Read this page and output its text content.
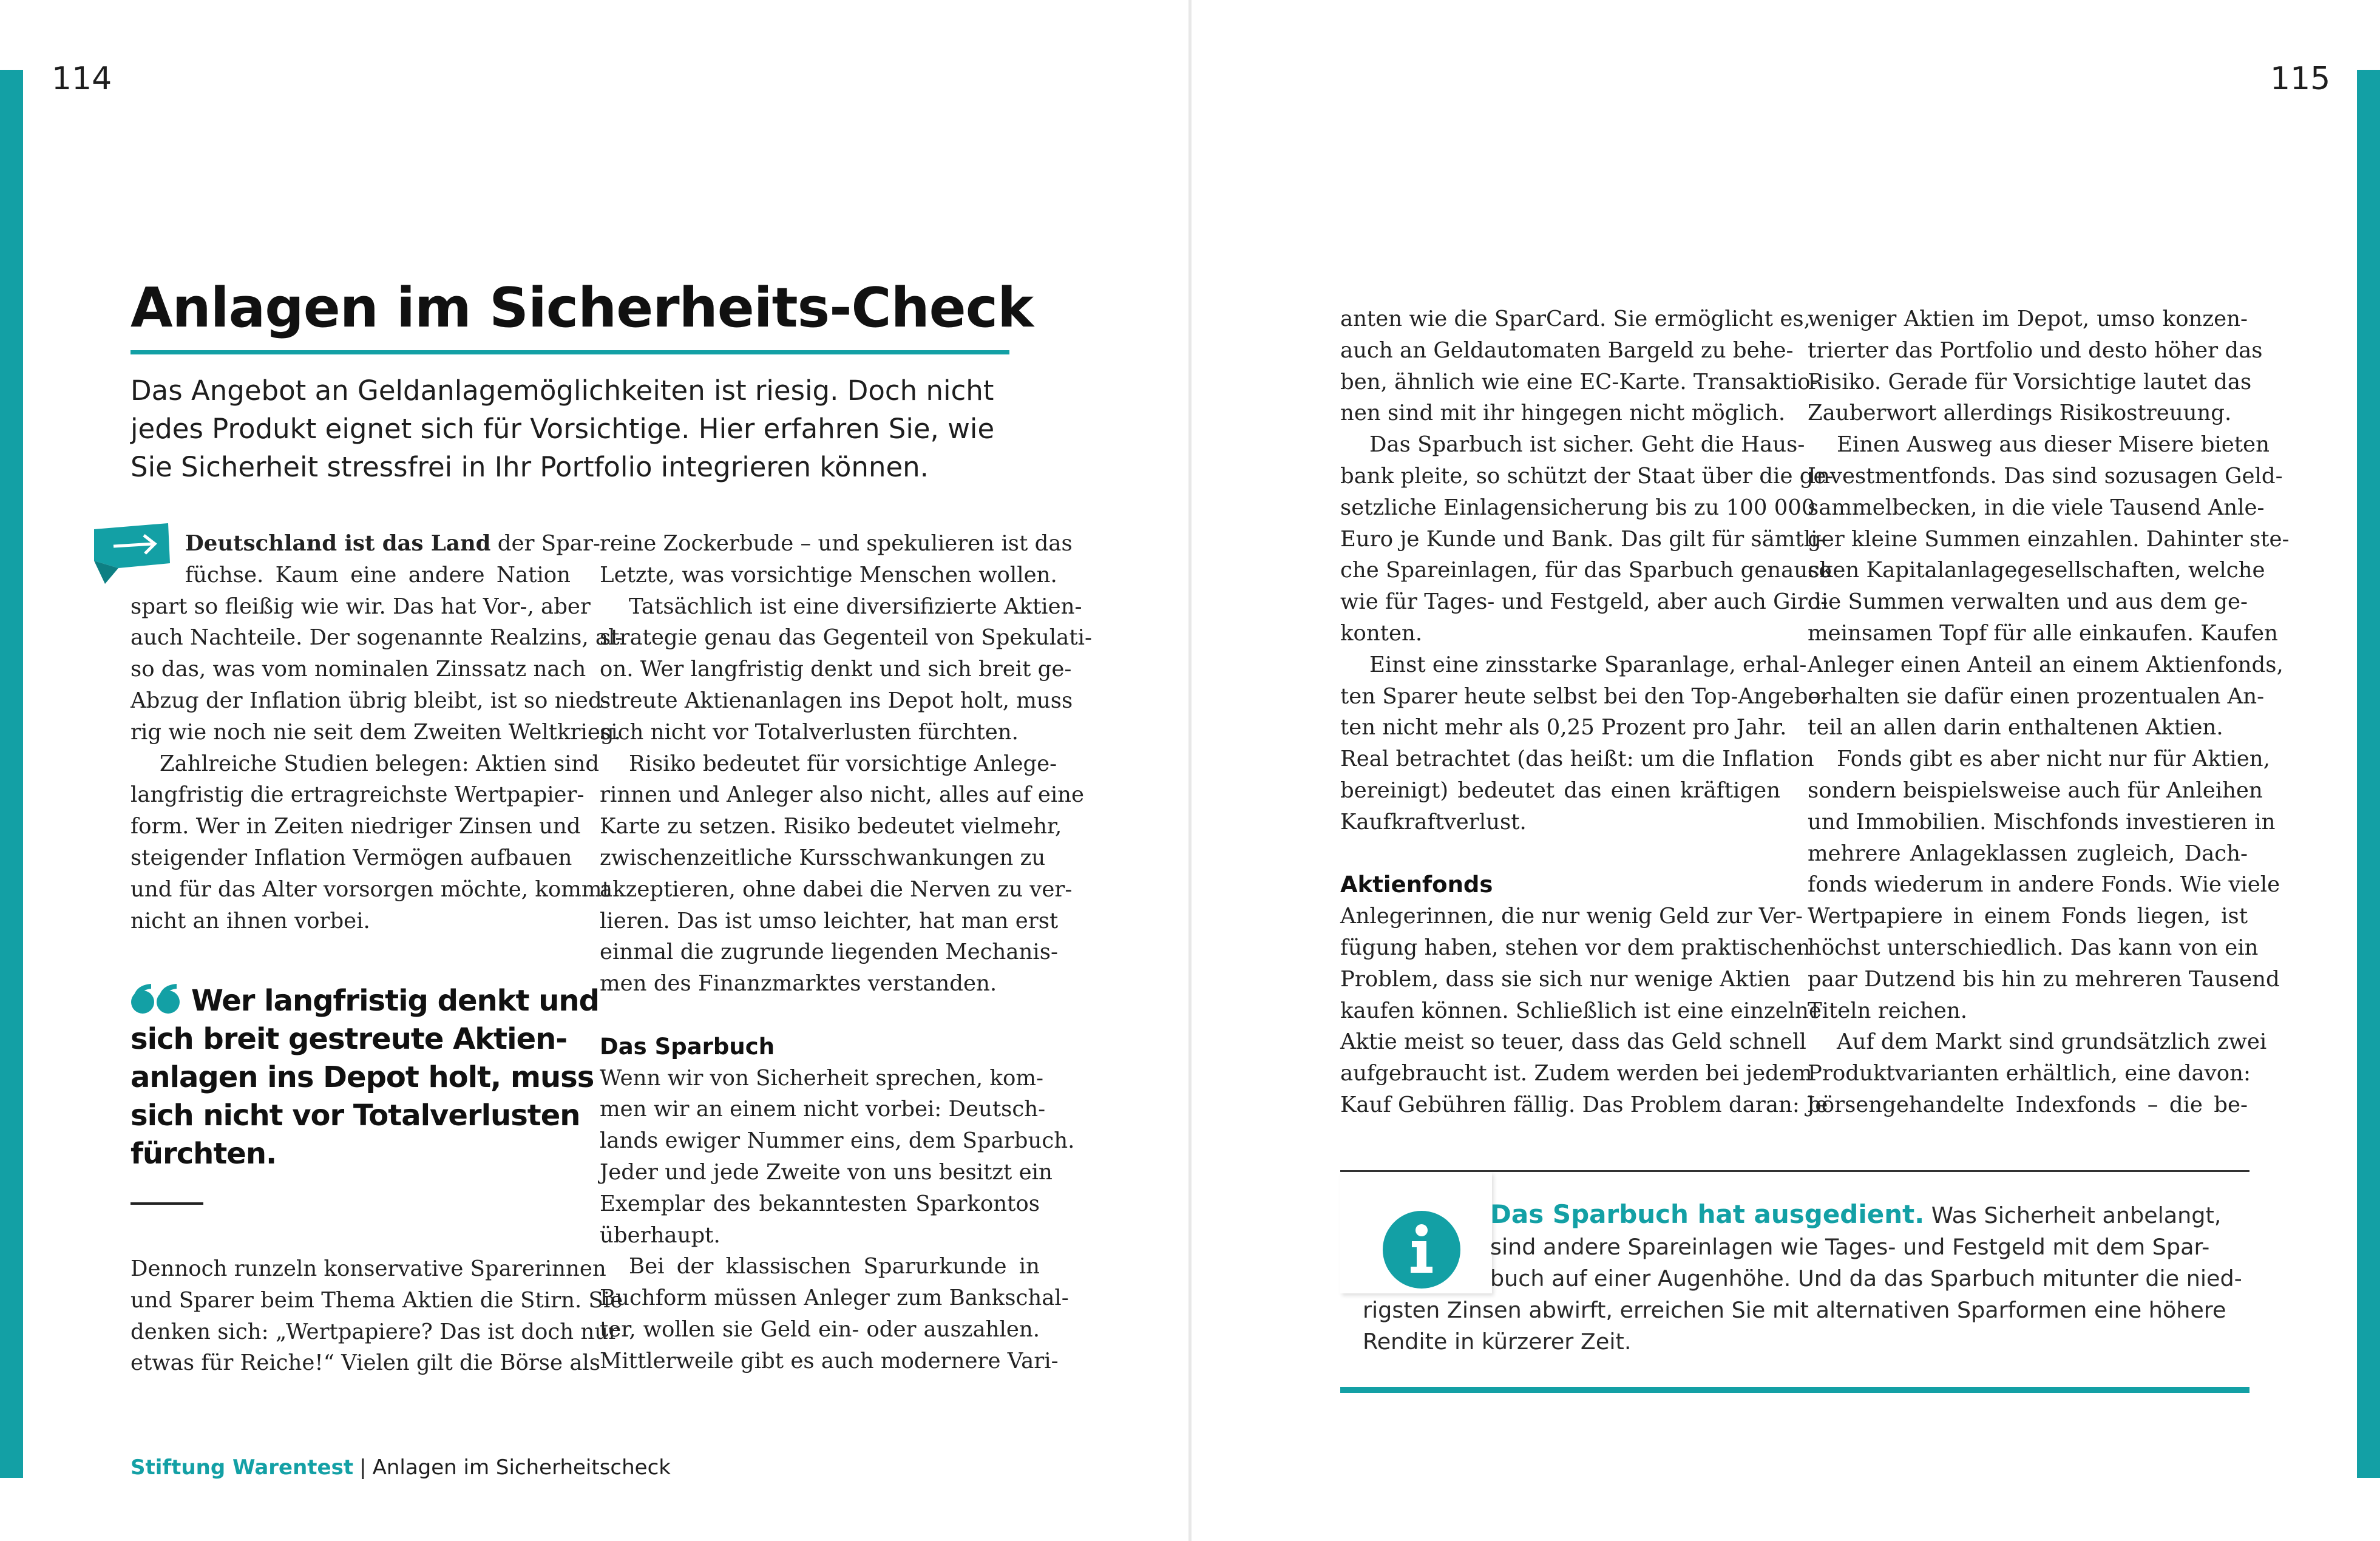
114	115
Anlagen im Sicherheits-Check
Das Angebot an Geldanlagemöglichkeiten ist riesig. Doch nicht
jedes Produkt eignet sich für Vorsichtige. Hier erfahren Sie, wie
Sie Sicherheit stressfrei in Ihr Portfolio integrieren können.
Deutschland ist das Land der Spar-
füchse. Kaum eine andere Nation
spart so fleißig wie wir. Das hat Vor-, aber
auch Nachteile. Der sogenannte Realzins, al-
so das, was vom nominalen Zinssatz nach
Abzug der Inflation übrig bleibt, ist so nied-
rig wie noch nie seit dem Zweiten Weltkrieg.
Zahlreiche Studien belegen: Aktien sind
langfristig die ertragreichste Wertpapier-
form. Wer in Zeiten niedriger Zinsen und
steigender Inflation Vermögen aufbauen
und für das Alter vorsorgen möchte, kommt
nicht an ihnen vorbei.
Wer langfristig denkt und
sich breit gestreute Aktien-
anlagen ins Depot holt, muss
sich nicht vor Totalverlusten
fürchten.
Dennoch runzeln konservative Sparerinnen
und Sparer beim Thema Aktien die Stirn. Sie
denken sich: „Wertpapiere? Das ist doch nur
etwas für Reiche!“ Vielen gilt die Börse als
reine Zockerbude – und spekulieren ist das
Letzte, was vorsichtige Menschen wollen.
Tatsächlich ist eine diversifizierte Aktien-
strategie genau das Gegenteil von Spekulati-
on. Wer langfristig denkt und sich breit ge-
streute Aktienanlagen ins Depot holt, muss
sich nicht vor Totalverlusten fürchten.
Risiko bedeutet für vorsichtige Anlege-
rinnen und Anleger also nicht, alles auf eine
Karte zu setzen. Risiko bedeutet vielmehr,
zwischenzeitliche Kursschwankungen zu
akzeptieren, ohne dabei die Nerven zu ver-
lieren. Das ist umso leichter, hat man erst
einmal die zugrunde liegenden Mechanis-
men des Finanzmarktes verstanden.
Das Sparbuch
Wenn wir von Sicherheit sprechen, kom-
men wir an einem nicht vorbei: Deutsch-
lands ewiger Nummer eins, dem Sparbuch.
Jeder und jede Zweite von uns besitzt ein
Exemplar des bekanntesten Sparkontos
überhaupt.
Bei der klassischen Sparurkunde in
Buchform müssen Anleger zum Bankschal-
ter, wollen sie Geld ein- oder auszahlen.
Mittlerweile gibt es auch modernere Vari-
Stiftung Warentest | Anlagen im Sicherheitscheck
anten wie die SparCard. Sie ermöglicht es,
auch an Geldautomaten Bargeld zu behe-
ben, ähnlich wie eine EC-Karte. Transaktio-
nen sind mit ihr hingegen nicht möglich.
Das Sparbuch ist sicher. Geht die Haus-
bank pleite, so schützt der Staat über die ge-
setzliche Einlagensicherung bis zu 100 000
Euro je Kunde und Bank. Das gilt für sämtli-
che Spareinlagen, für das Sparbuch genauso
wie für Tages- und Festgeld, aber auch Giro-
konten.
Einst eine zinsstarke Sparanlage, erhal-
ten Sparer heute selbst bei den Top-Angebo-
ten nicht mehr als 0,25 Prozent pro Jahr.
Real betrachtet (das heißt: um die Inflation
bereinigt) bedeutet das einen kräftigen
Kaufkraftverlust.
Aktienfonds
Anlegerinnen, die nur wenig Geld zur Ver-
fügung haben, stehen vor dem praktischen
Problem, dass sie sich nur wenige Aktien
kaufen können. Schließlich ist eine einzelne
Aktie meist so teuer, dass das Geld schnell
aufgebraucht ist. Zudem werden bei jedem
Kauf Gebühren fällig. Das Problem daran: Je
weniger Aktien im Depot, umso konzen-
trierter das Portfolio und desto höher das
Risiko. Gerade für Vorsichtige lautet das
Zauberwort allerdings Risikostreuung.
Einen Ausweg aus dieser Misere bieten
Investmentfonds. Das sind sozusagen Geld-
sammelbecken, in die viele Tausend Anle-
ger kleine Summen einzahlen. Dahinter ste-
cken Kapitalanlagegesellschaften, welche
die Summen verwalten und aus dem ge-
meinsamen Topf für alle einkaufen. Kaufen
Anleger einen Anteil an einem Aktienfonds,
erhalten sie dafür einen prozentualen An-
teil an allen darin enthaltenen Aktien.
Fonds gibt es aber nicht nur für Aktien,
sondern beispielsweise auch für Anleihen
und Immobilien. Mischfonds investieren in
mehrere Anlageklassen zugleich, Dach-
fonds wiederum in andere Fonds. Wie viele
Wertpapiere in einem Fonds liegen, ist
höchst unterschiedlich. Das kann von ein
paar Dutzend bis hin zu mehreren Tausend
Titeln reichen.
Auf dem Markt sind grundsätzlich zwei
Produktvarianten erhältlich, eine davon:
börsengehandelte Indexfonds – die be-
Das Sparbuch hat ausgedient. Was Sicherheit anbelangt,
sind andere Spareinlagen wie Tages- und Festgeld mit dem Spar-
buch auf einer Augenhöhe. Und da das Sparbuch mitunter die nied-
rigsten Zinsen abwirft, erreichen Sie mit alternativen Sparformen eine höhere
Rendite in kürzerer Zeit.
